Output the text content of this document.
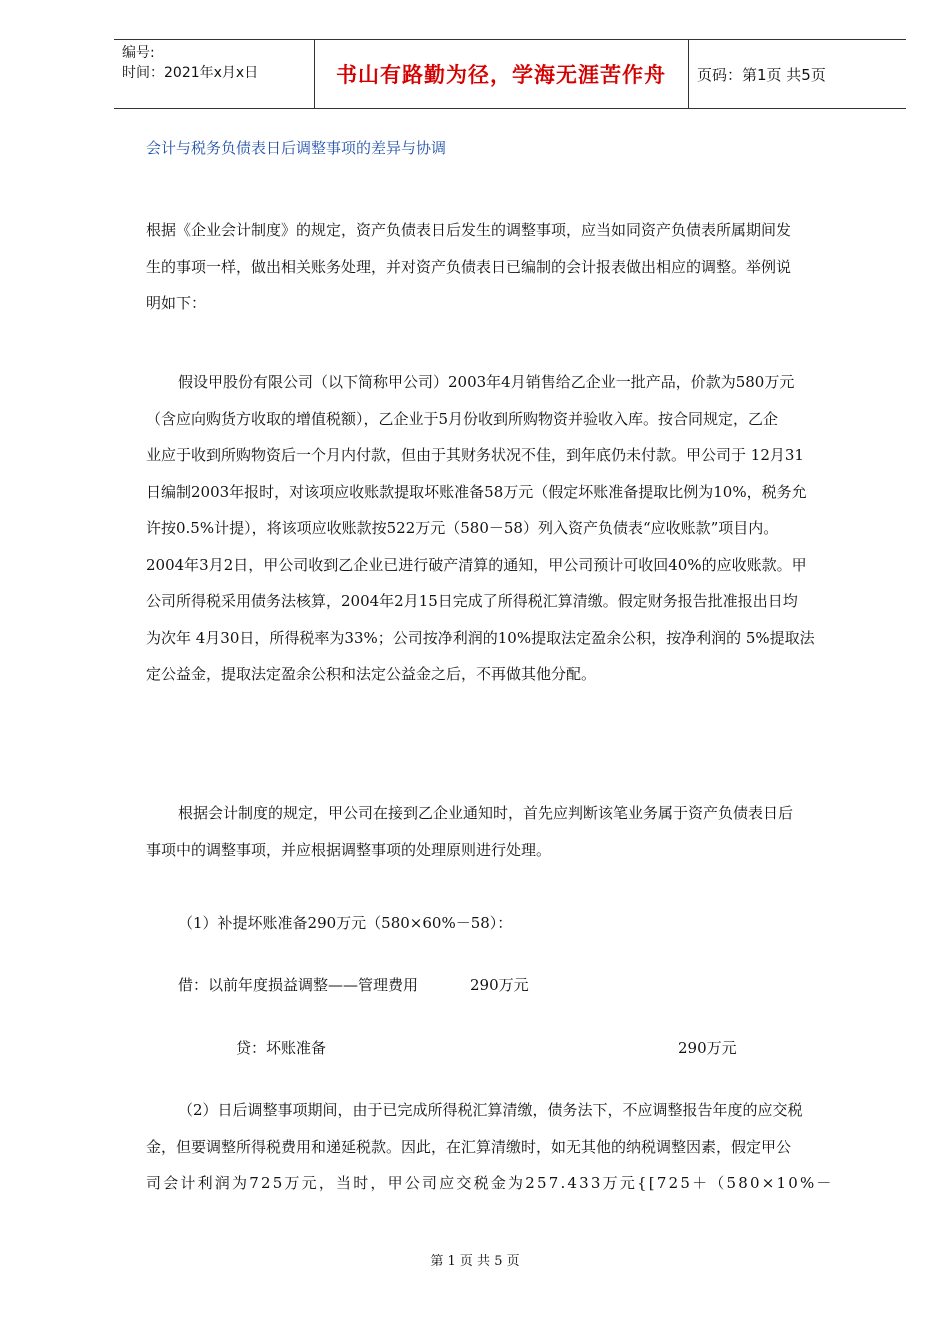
编号:
时间：2021年x月x日	书山有路勤为径，学海无涯苦作舟	页码：第1页 共5页
会计与税务负债表日后调整事项的差异与协调
根据《企业会计制度》的规定，资产负债表日后发生的调整事项，应当如同资产负债表所属期间发
生的事项一样，做出相关账务处理，并对资产负债表日已编制的会计报表做出相应的调整。举例说
明如下：
假设甲股份有限公司（以下简称甲公司）2003年4月销售给乙企业一批产品，价款为580万元
（含应向购货方收取的增值税额），乙企业于5月份收到所购物资并验收入库。按合同规定，乙企
业应于收到所购物资后一个月内付款，但由于其财务状况不佳，到年底仍未付款。甲公司于 12月31
日编制2003年报时，对该项应收账款提取坏账准备58万元（假定坏账准备提取比例为10%，税务允
许按0.5%计提），将该项应收账款按522万元（580－58）列入资产负债表“应收账款”项目内。
2004年3月2日，甲公司收到乙企业已进行破产清算的通知，甲公司预计可收回40%的应收账款。甲
公司所得税采用债务法核算，2004年2月15日完成了所得税汇算清缴。假定财务报告批准报出日均
为次年 4月30日，所得税率为33%；公司按净利润的10%提取法定盈余公积，按净利润的 5%提取法
定公益金，提取法定盈余公积和法定公益金之后，不再做其他分配。
根据会计制度的规定，甲公司在接到乙企业通知时，首先应判断该笔业务属于资产负债表日后
事项中的调整事项，并应根据调整事项的处理原则进行处理。
（1）补提坏账准备290万元（580×60%－58）：
借：以前年度损益调整——管理费用	290万元
贷：坏账准备	290万元
（2）日后调整事项期间，由于已完成所得税汇算清缴，债务法下，不应调整报告年度的应交税
金，但要调整所得税费用和递延税款。因此，在汇算清缴时，如无其他的纳税调整因素，假定甲公
司会计利润为725万元，当时，甲公司应交税金为257.433万元{[725＋（580×10%－
第 1 页 共 5 页
